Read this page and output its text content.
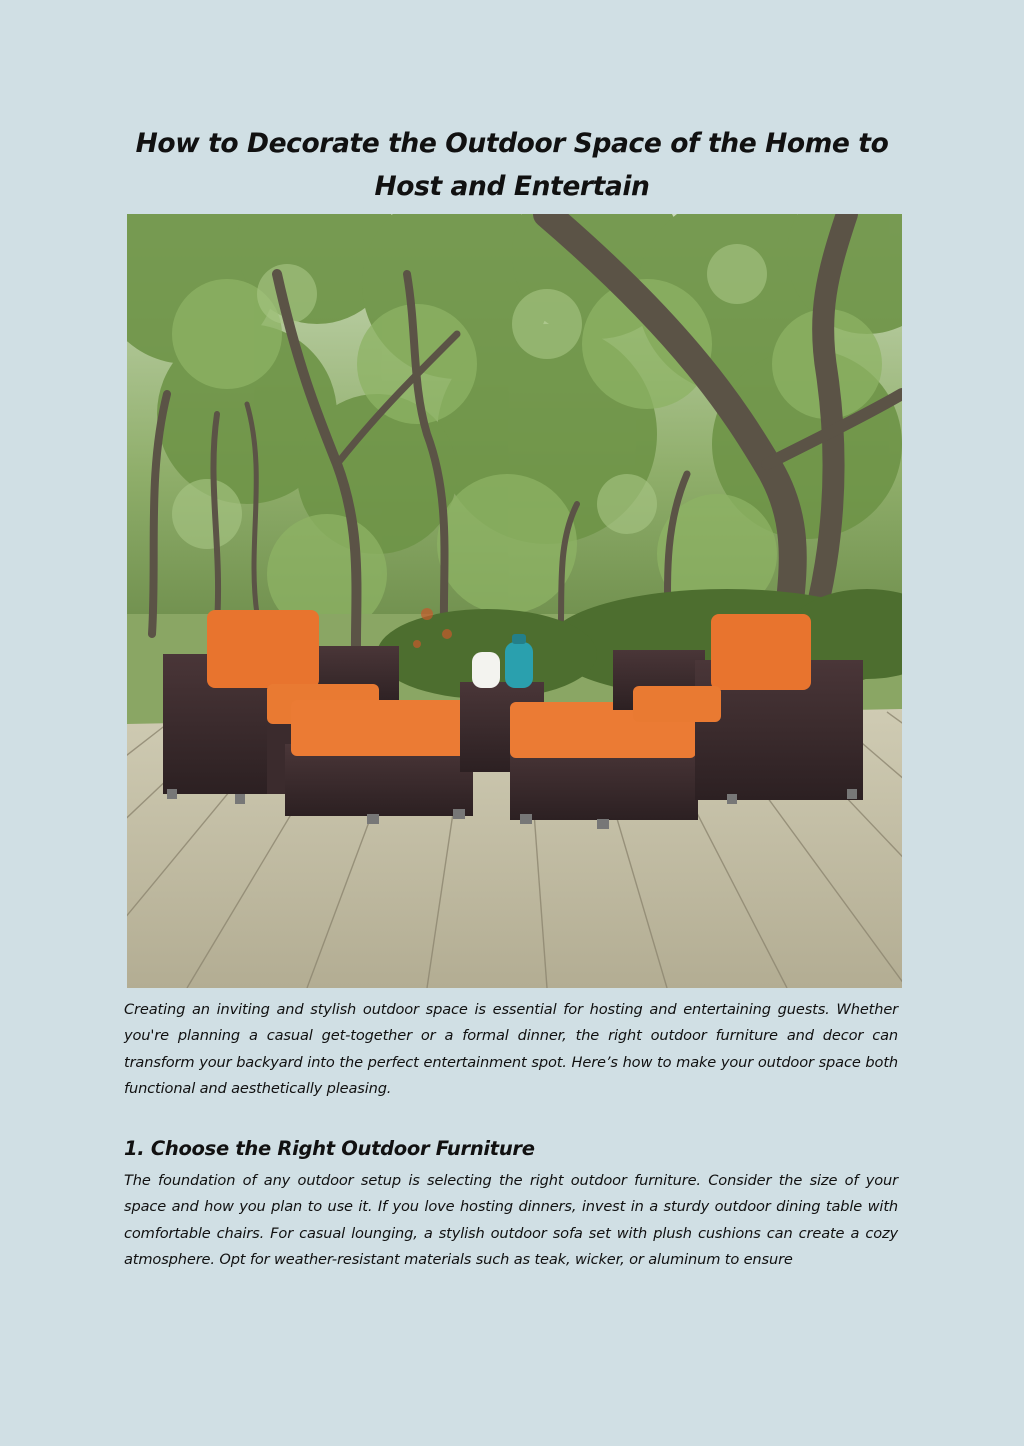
How to Decorate the Outdoor Space of the Home to Host and Entertain

Creating an inviting and stylish outdoor space is essential for hosting and entertaining guests. Whether you're planning a casual get-together or a formal dinner, the right outdoor furniture and decor can transform your backyard into the perfect entertainment spot. Here’s how to make your outdoor space both functional and aesthetically pleasing.

1. Choose the Right Outdoor Furniture

The foundation of any outdoor setup is selecting the right outdoor furniture. Consider the size of your space and how you plan to use it. If you love hosting dinners, invest in a sturdy outdoor dining table with comfortable chairs. For casual lounging, a stylish outdoor sofa set with plush cushions can create a cozy atmosphere. Opt for weather-resistant materials such as teak, wicker, or aluminum to ensure
